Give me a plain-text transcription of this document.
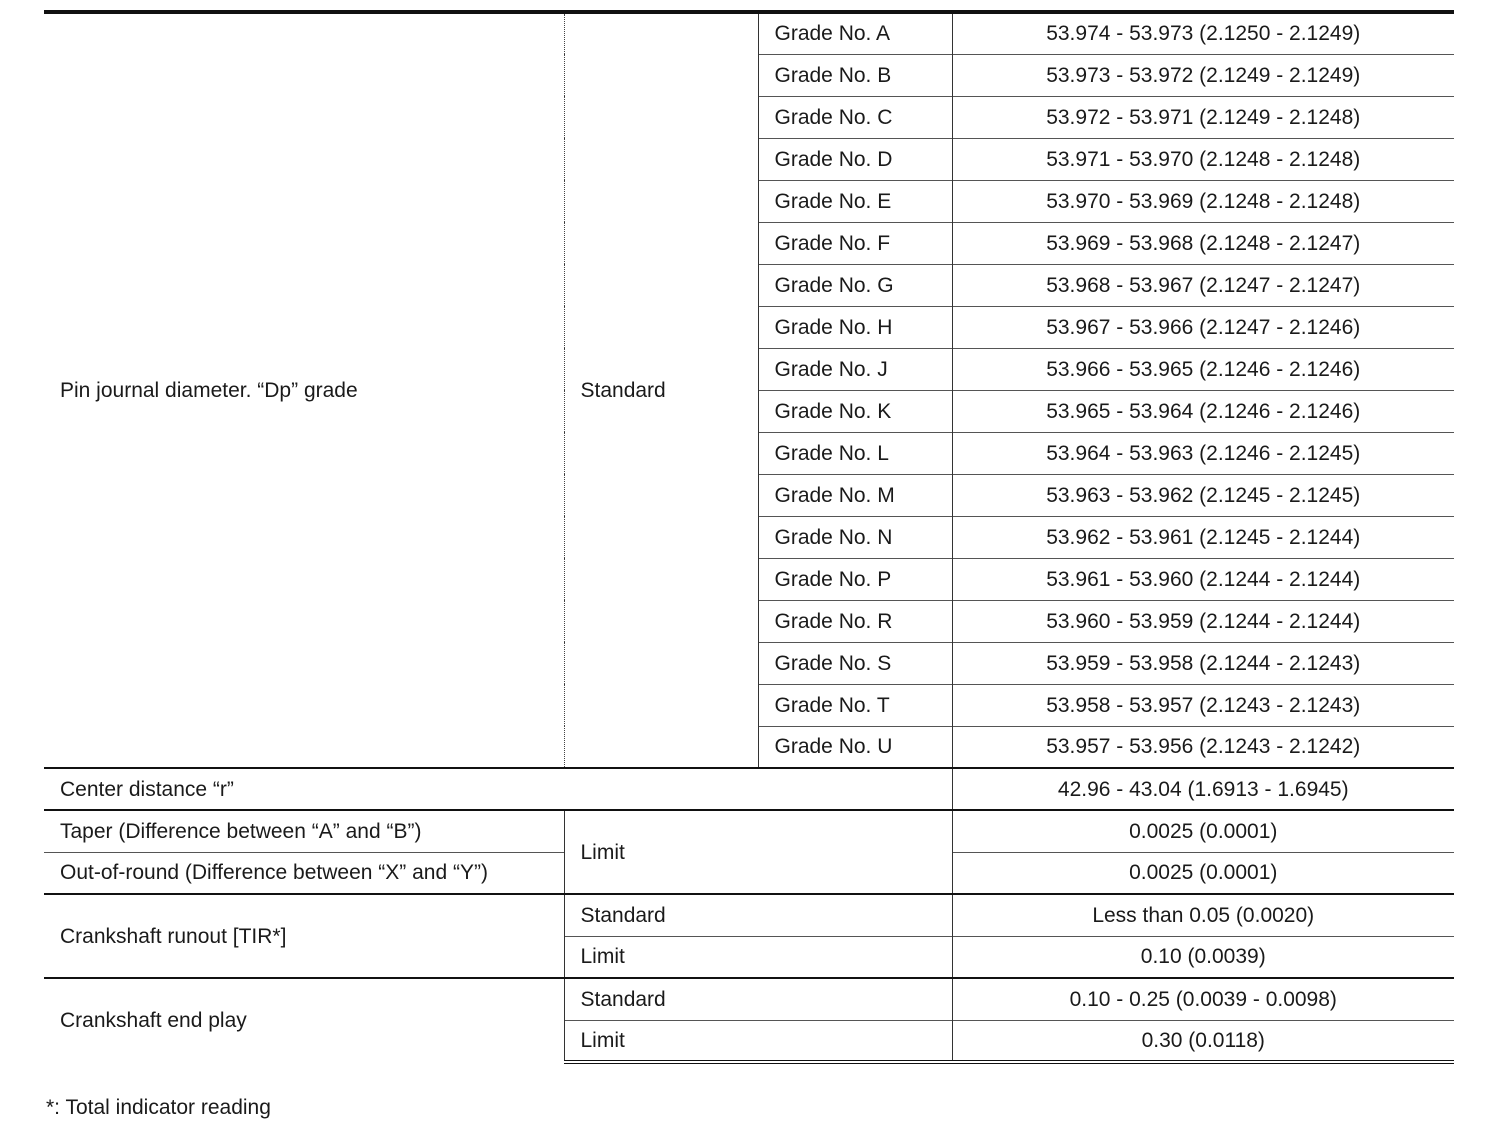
Pin journal diameter. “Dp” grade	Standard	Grade No. A	53.974 - 53.973 (2.1250 - 2.1249)
		Grade No. B	53.973 - 53.972 (2.1249 - 2.1249)
		Grade No. C	53.972 - 53.971 (2.1249 - 2.1248)
		Grade No. D	53.971 - 53.970 (2.1248 - 2.1248)
		Grade No. E	53.970 - 53.969 (2.1248 - 2.1248)
		Grade No. F	53.969 - 53.968 (2.1248 - 2.1247)
		Grade No. G	53.968 - 53.967 (2.1247 - 2.1247)
		Grade No. H	53.967 - 53.966 (2.1247 - 2.1246)
		Grade No. J	53.966 - 53.965 (2.1246 - 2.1246)
		Grade No. K	53.965 - 53.964 (2.1246 - 2.1246)
		Grade No. L	53.964 - 53.963 (2.1246 - 2.1245)
		Grade No. M	53.963 - 53.962 (2.1245 - 2.1245)
		Grade No. N	53.962 - 53.961 (2.1245 - 2.1244)
		Grade No. P	53.961 - 53.960 (2.1244 - 2.1244)
		Grade No. R	53.960 - 53.959 (2.1244 - 2.1244)
		Grade No. S	53.959 - 53.958 (2.1244 - 2.1243)
		Grade No. T	53.958 - 53.957 (2.1243 - 2.1243)
		Grade No. U	53.957 - 53.956 (2.1243 - 2.1242)
Center distance “r”			42.96 - 43.04 (1.6913 - 1.6945)
Taper (Difference between “A” and “B”)	Limit		0.0025 (0.0001)
Out-of-round (Difference between “X” and “Y”)			0.0025 (0.0001)
Crankshaft runout [TIR*]	Standard		Less than 0.05 (0.0020)
	Limit		0.10 (0.0039)
Crankshaft end play	Standard		0.10 - 0.25 (0.0039 - 0.0098)
	Limit		0.30 (0.0118)
*: Total indicator reading
